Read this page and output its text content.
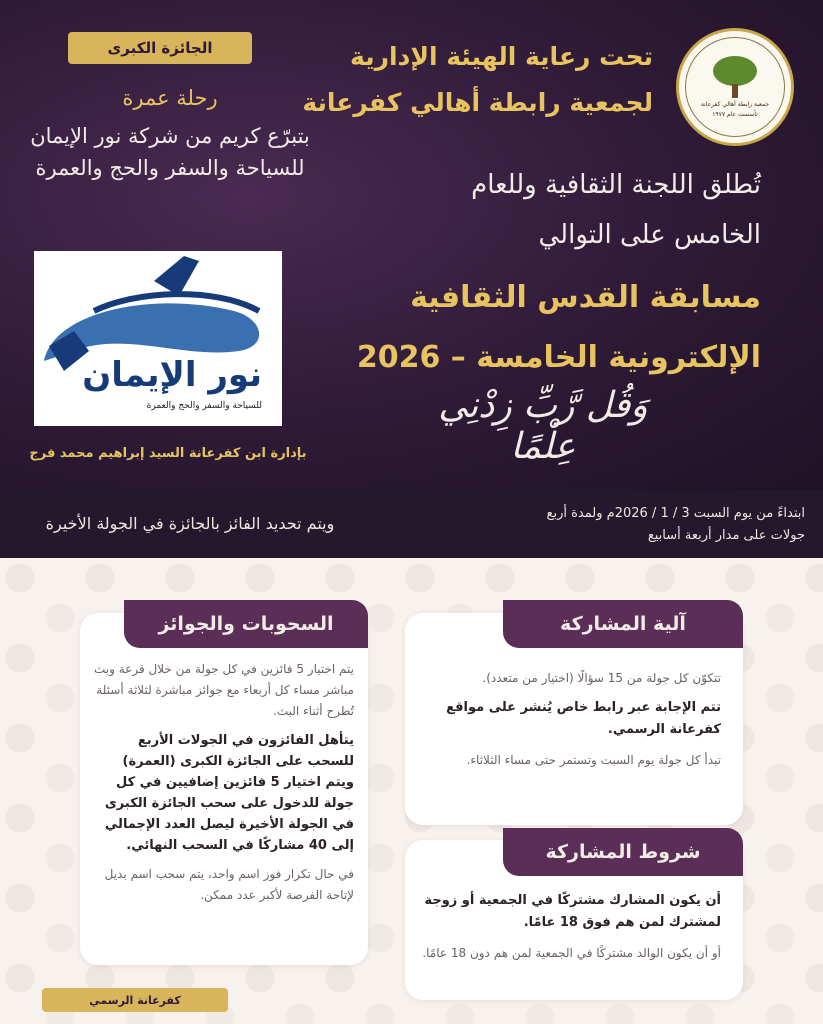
جمعية رابطة أهالي كفرعانة
تأسست عام ١٩٧٧
تحت رعاية الهيئة الإدارية
لجمعية رابطة أهالي كفرعانة
تُطلق اللجنة الثقافية وللعام
الخامس على التوالي
مسابقة القدس الثقافية
الإلكترونية الخامسة – 2026
وَقُل رَّبِّ زِدْنِي عِلْمًا
الجائزة الكبرى
رحلة عمرة
بتبرّع كريم من شركة نور الإيمان للسياحة والسفر والحج والعمرة
نور الإيمان
للسياحة والسفر والحج والعمرة
بإدارة ابن كفرعانة السيد إبراهيم محمد فرج
ابتداءً من يوم السبت 3 / 1 / 2026م ولمدة أربع
جولات على مدار أربعة أسابيع
ويتم تحديد الفائز بالجائزة في الجولة الأخيرة
آلية المشاركة

تتكوّن كل جولة من 15 سؤالًا (اختيار من متعدد).

تتم الإجابة عبر رابط خاص يُنشر على مواقع كفرعانة الرسمي.

تبدأ كل جولة يوم السبت وتستمر حتى مساء الثلاثاء.

شروط المشاركة

أن يكون المشارك مشتركًا في الجمعية أو زوجة لمشترك لمن هم فوق 18 عامًا.

أو أن يكون الوالد مشتركًا في الجمعية لمن هم دون 18 عامًا.

السحوبات والجوائز

يتم اختيار 5 فائزين في كل جولة من خلال قرعة وبث مباشر مساء كل أربعاء مع جوائز مباشرة لثلاثة أسئلة تُطرح أثناء البث.

يتأهل الفائزون في الجولات الأربع للسحب على الجائزة الكبرى (العمرة) ويتم اختيار 5 فائزين إضافيين في كل جولة للدخول على سحب الجائزة الكبرى في الجولة الأخيرة ليصل العدد الإجمالي إلى 40 مشاركًا في السحب النهائي.

في حال تكرار فوز اسم واحد، يتم سحب اسم بديل لإتاحة الفرصة لأكبر عدد ممكن.

كفرعانة الرسمي
